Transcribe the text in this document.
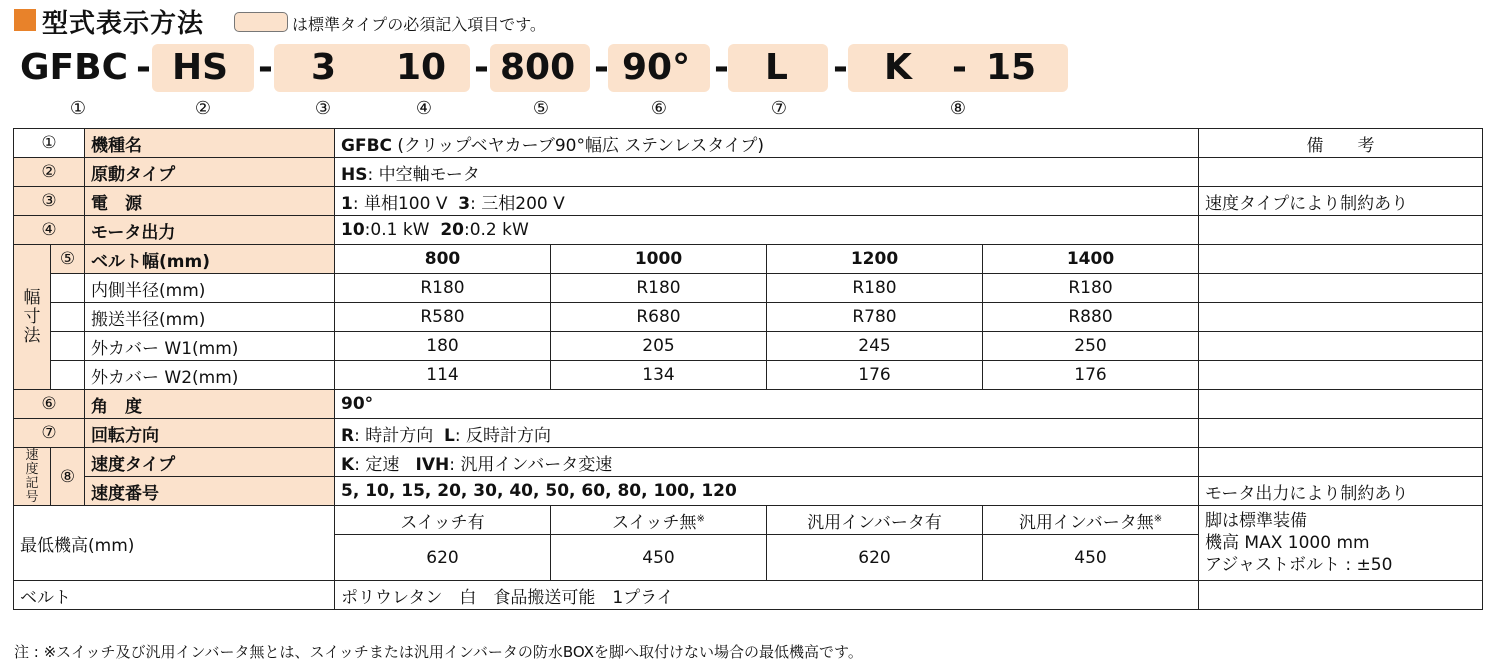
型式表示方法	は標準タイプの必須記入項目です。
GFBC - HS - 3 10 - 800 - 90° - L - K - 15
①	②	③	④	⑤	⑥	⑦	⑧
①		機種名	GFBC (クリップベヤカーブ90°幅広 ステンレスタイプ)				備　　考
②		原動タイプ	HS: 中空軸モータ				
③		電　源	1: 単相100 V 3: 三相200 V				速度タイプにより制約あり
④		モータ出力	10:0.1 kW 20:0.2 kW				
幅寸法	⑤	ベルト幅(mm)	800	1000	1200	1400	
		内側半径(mm)	R180	R180	R180	R180	
		搬送半径(mm)	R580	R680	R780	R880	
		外カバー W1(mm)	180	205	245	250	
		外カバー W2(mm)	114	134	176	176	
⑥		角　度	90°				
⑦		回転方向	R: 時計方向 L: 反時計方向				
速度記号	⑧	速度タイプ	K: 定速 IVH: 汎用インバータ変速				
		速度番号	5, 10, 15, 20, 30, 40, 50, 60, 80, 100, 120				モータ出力により制約あり
最低機高(mm)			スイッチ有	スイッチ無※	汎用インバータ有	汎用インバータ無※	脚は標準装備
機高 MAX 1000 mm
アジャストボルト : ±50

			620	450	620	450	
ベルト			ポリウレタン　白　食品搬送可能　1プライ				
注 : ※スイッチ及び汎用インバータ無とは、スイッチまたは汎用インバータの防水BOXを脚へ取付けない場合の最低機高です。
